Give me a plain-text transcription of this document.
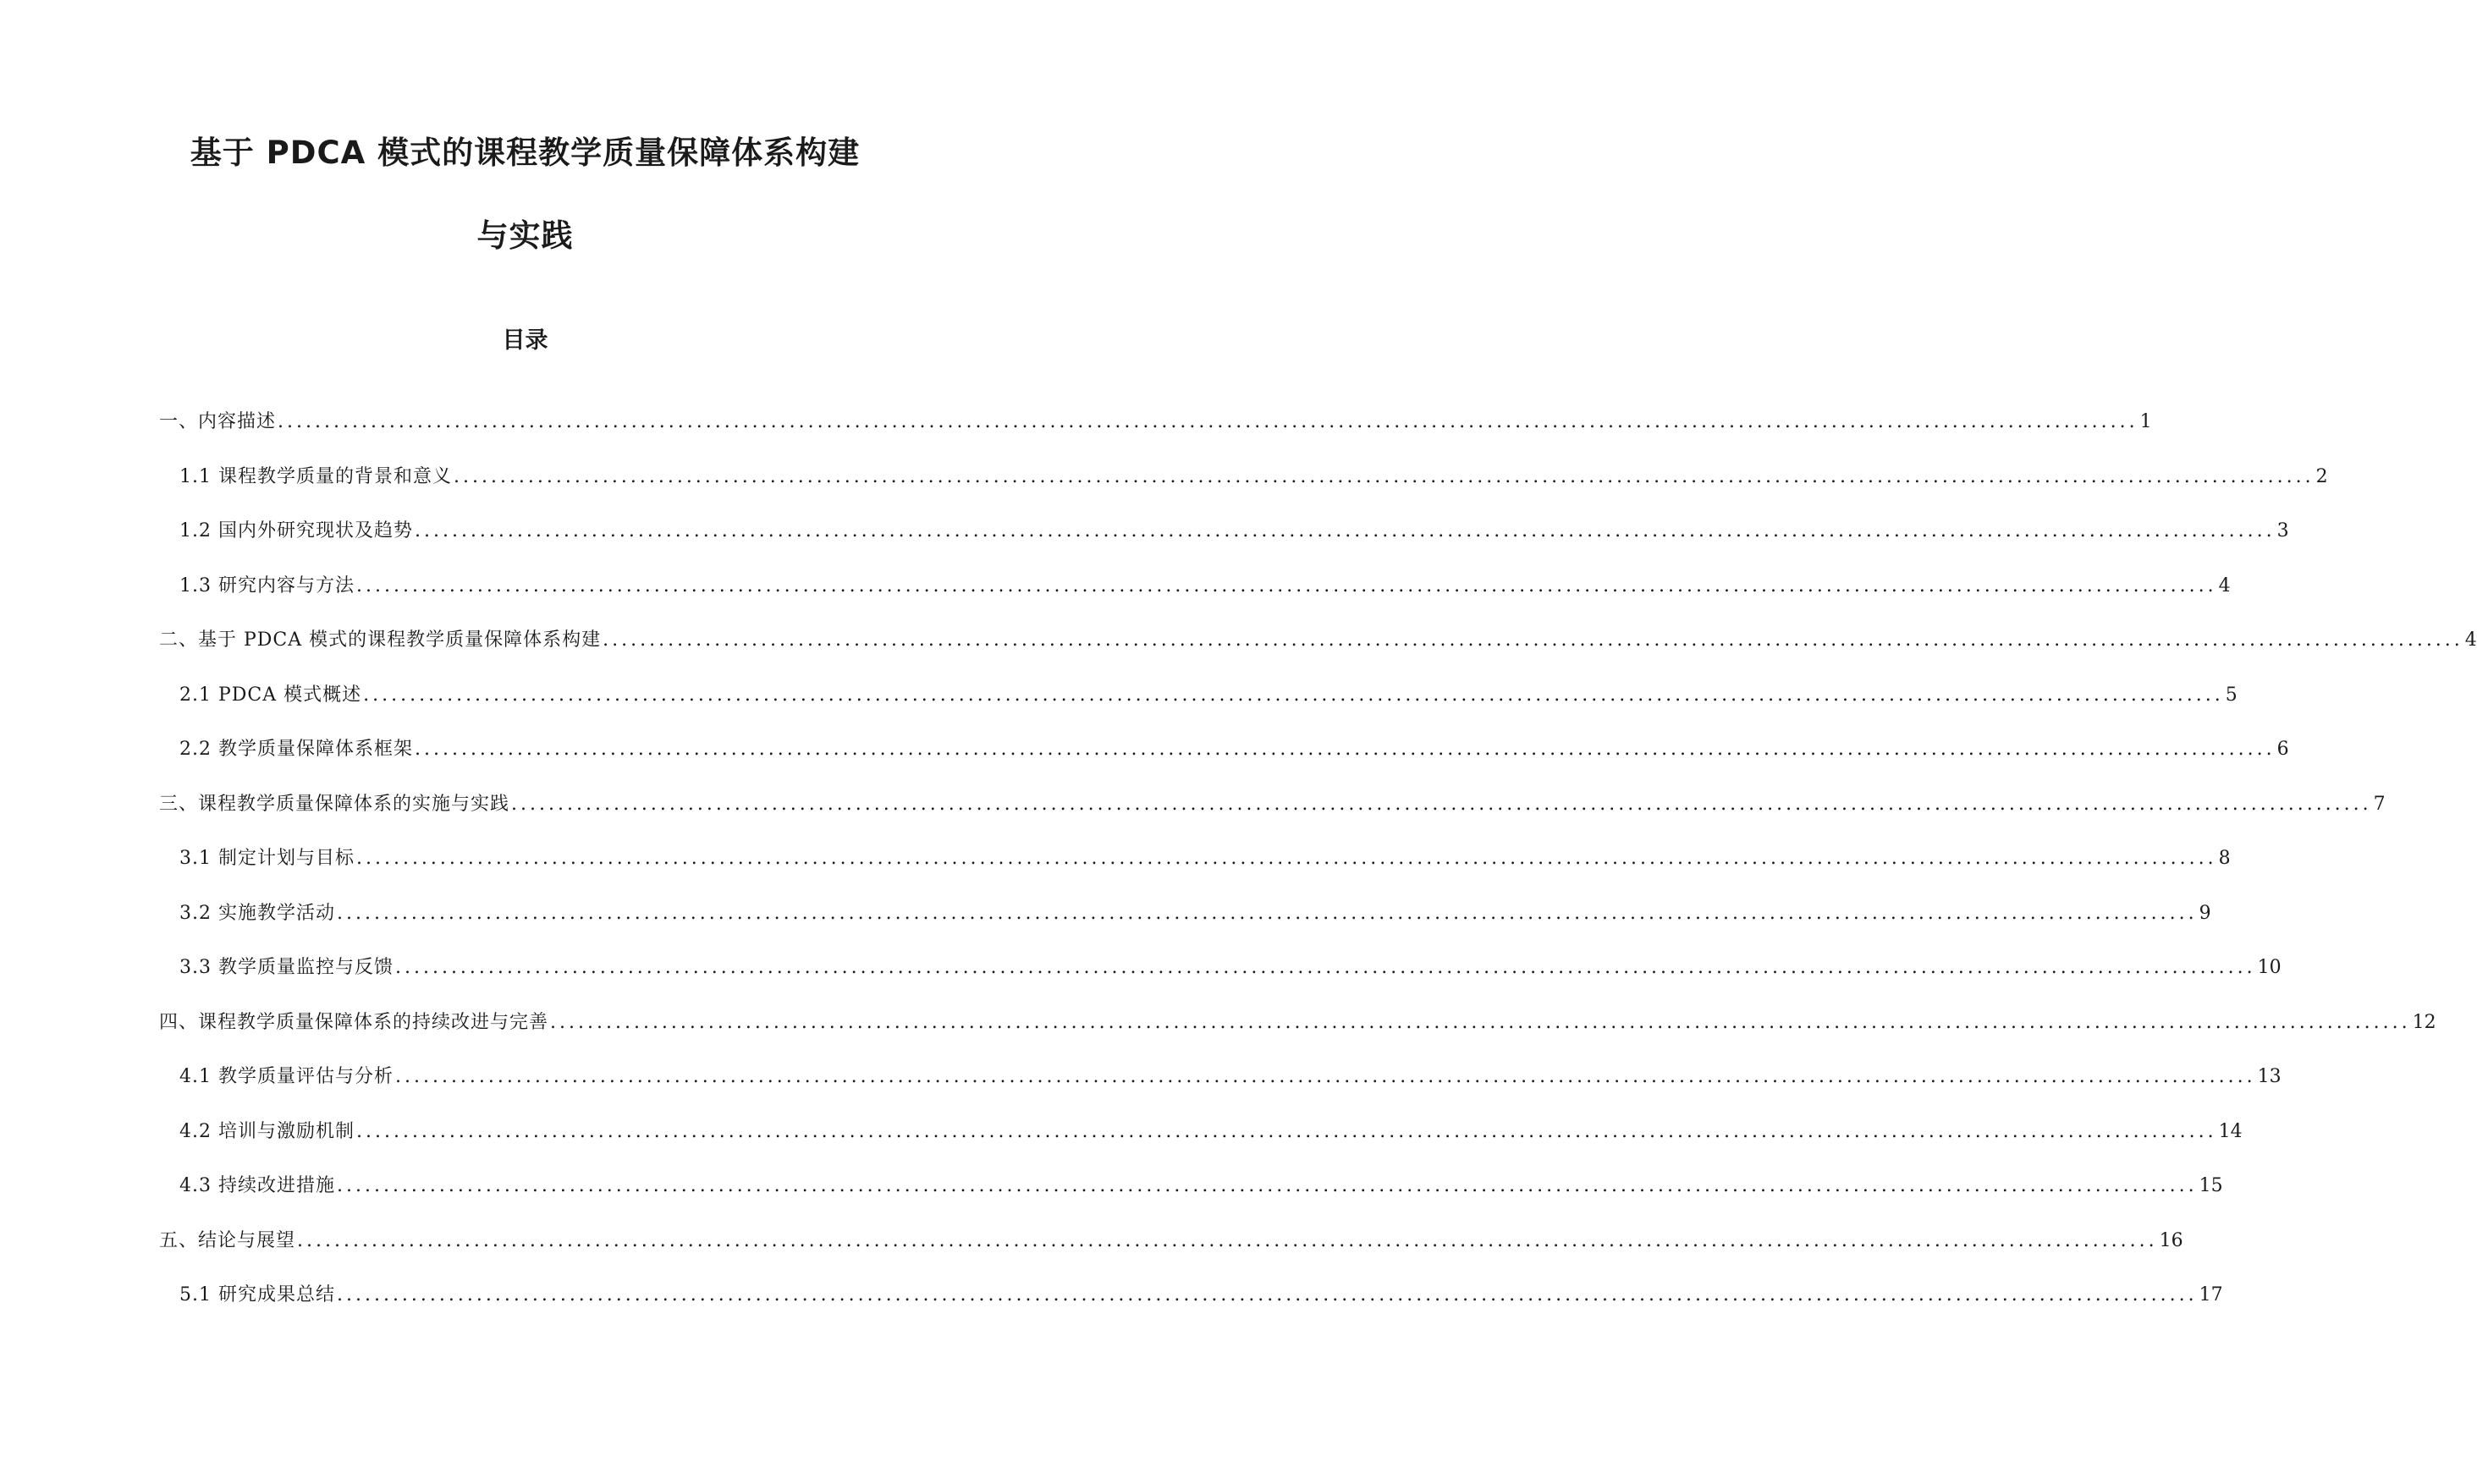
基于 PDCA 模式的课程教学质量保障体系构建
与实践
目录
一、内容描述 ........................................................................................................................................................................................................ 1
1.1 课程教学质量的背景和意义 ........................................................................................................................................................................................................ 2
1.2 国内外研究现状及趋势 ........................................................................................................................................................................................................ 3
1.3 研究内容与方法 ........................................................................................................................................................................................................ 4
二、基于 PDCA 模式的课程教学质量保障体系构建 ........................................................................................................................................................................................................ 4
2.1 PDCA 模式概述 ........................................................................................................................................................................................................ 5
2.2 教学质量保障体系框架 ........................................................................................................................................................................................................ 6
三、课程教学质量保障体系的实施与实践 ........................................................................................................................................................................................................ 7
3.1 制定计划与目标 ........................................................................................................................................................................................................ 8
3.2 实施教学活动 ........................................................................................................................................................................................................ 9
3.3 教学质量监控与反馈 ........................................................................................................................................................................................................ 10
四、课程教学质量保障体系的持续改进与完善 ........................................................................................................................................................................................................ 12
4.1 教学质量评估与分析 ........................................................................................................................................................................................................ 13
4.2 培训与激励机制 ........................................................................................................................................................................................................ 14
4.3 持续改进措施 ........................................................................................................................................................................................................ 15
五、结论与展望 ........................................................................................................................................................................................................ 16
5.1 研究成果总结 ........................................................................................................................................................................................................ 17
